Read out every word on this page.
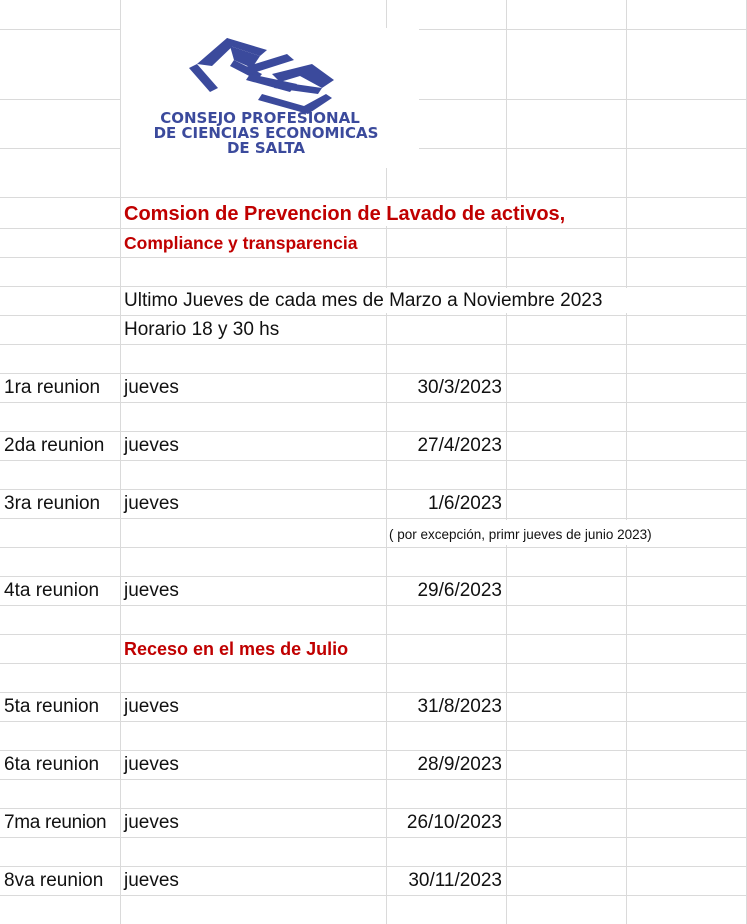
CONSEJO PROFESIONAL
DE CIENCIAS ECONOMICAS
DE SALTA
Comsion de Prevencion de Lavado de activos,
Compliance y transparencia
Ultimo Jueves de cada mes de Marzo a Noviembre 2023
Horario 18 y 30 hs
1ra reunion jueves	30/3/2023
2da reunion jueves	27/4/2023
3ra reunion jueves	1/6/2023
( por excepción, primr jueves de junio 2023)
4ta reunion jueves	29/6/2023
Receso en el mes de Julio
5ta reunion jueves	31/8/2023
6ta reunion jueves	28/9/2023
7ma reunion jueves	26/10/2023
8va reunion jueves	30/11/2023
